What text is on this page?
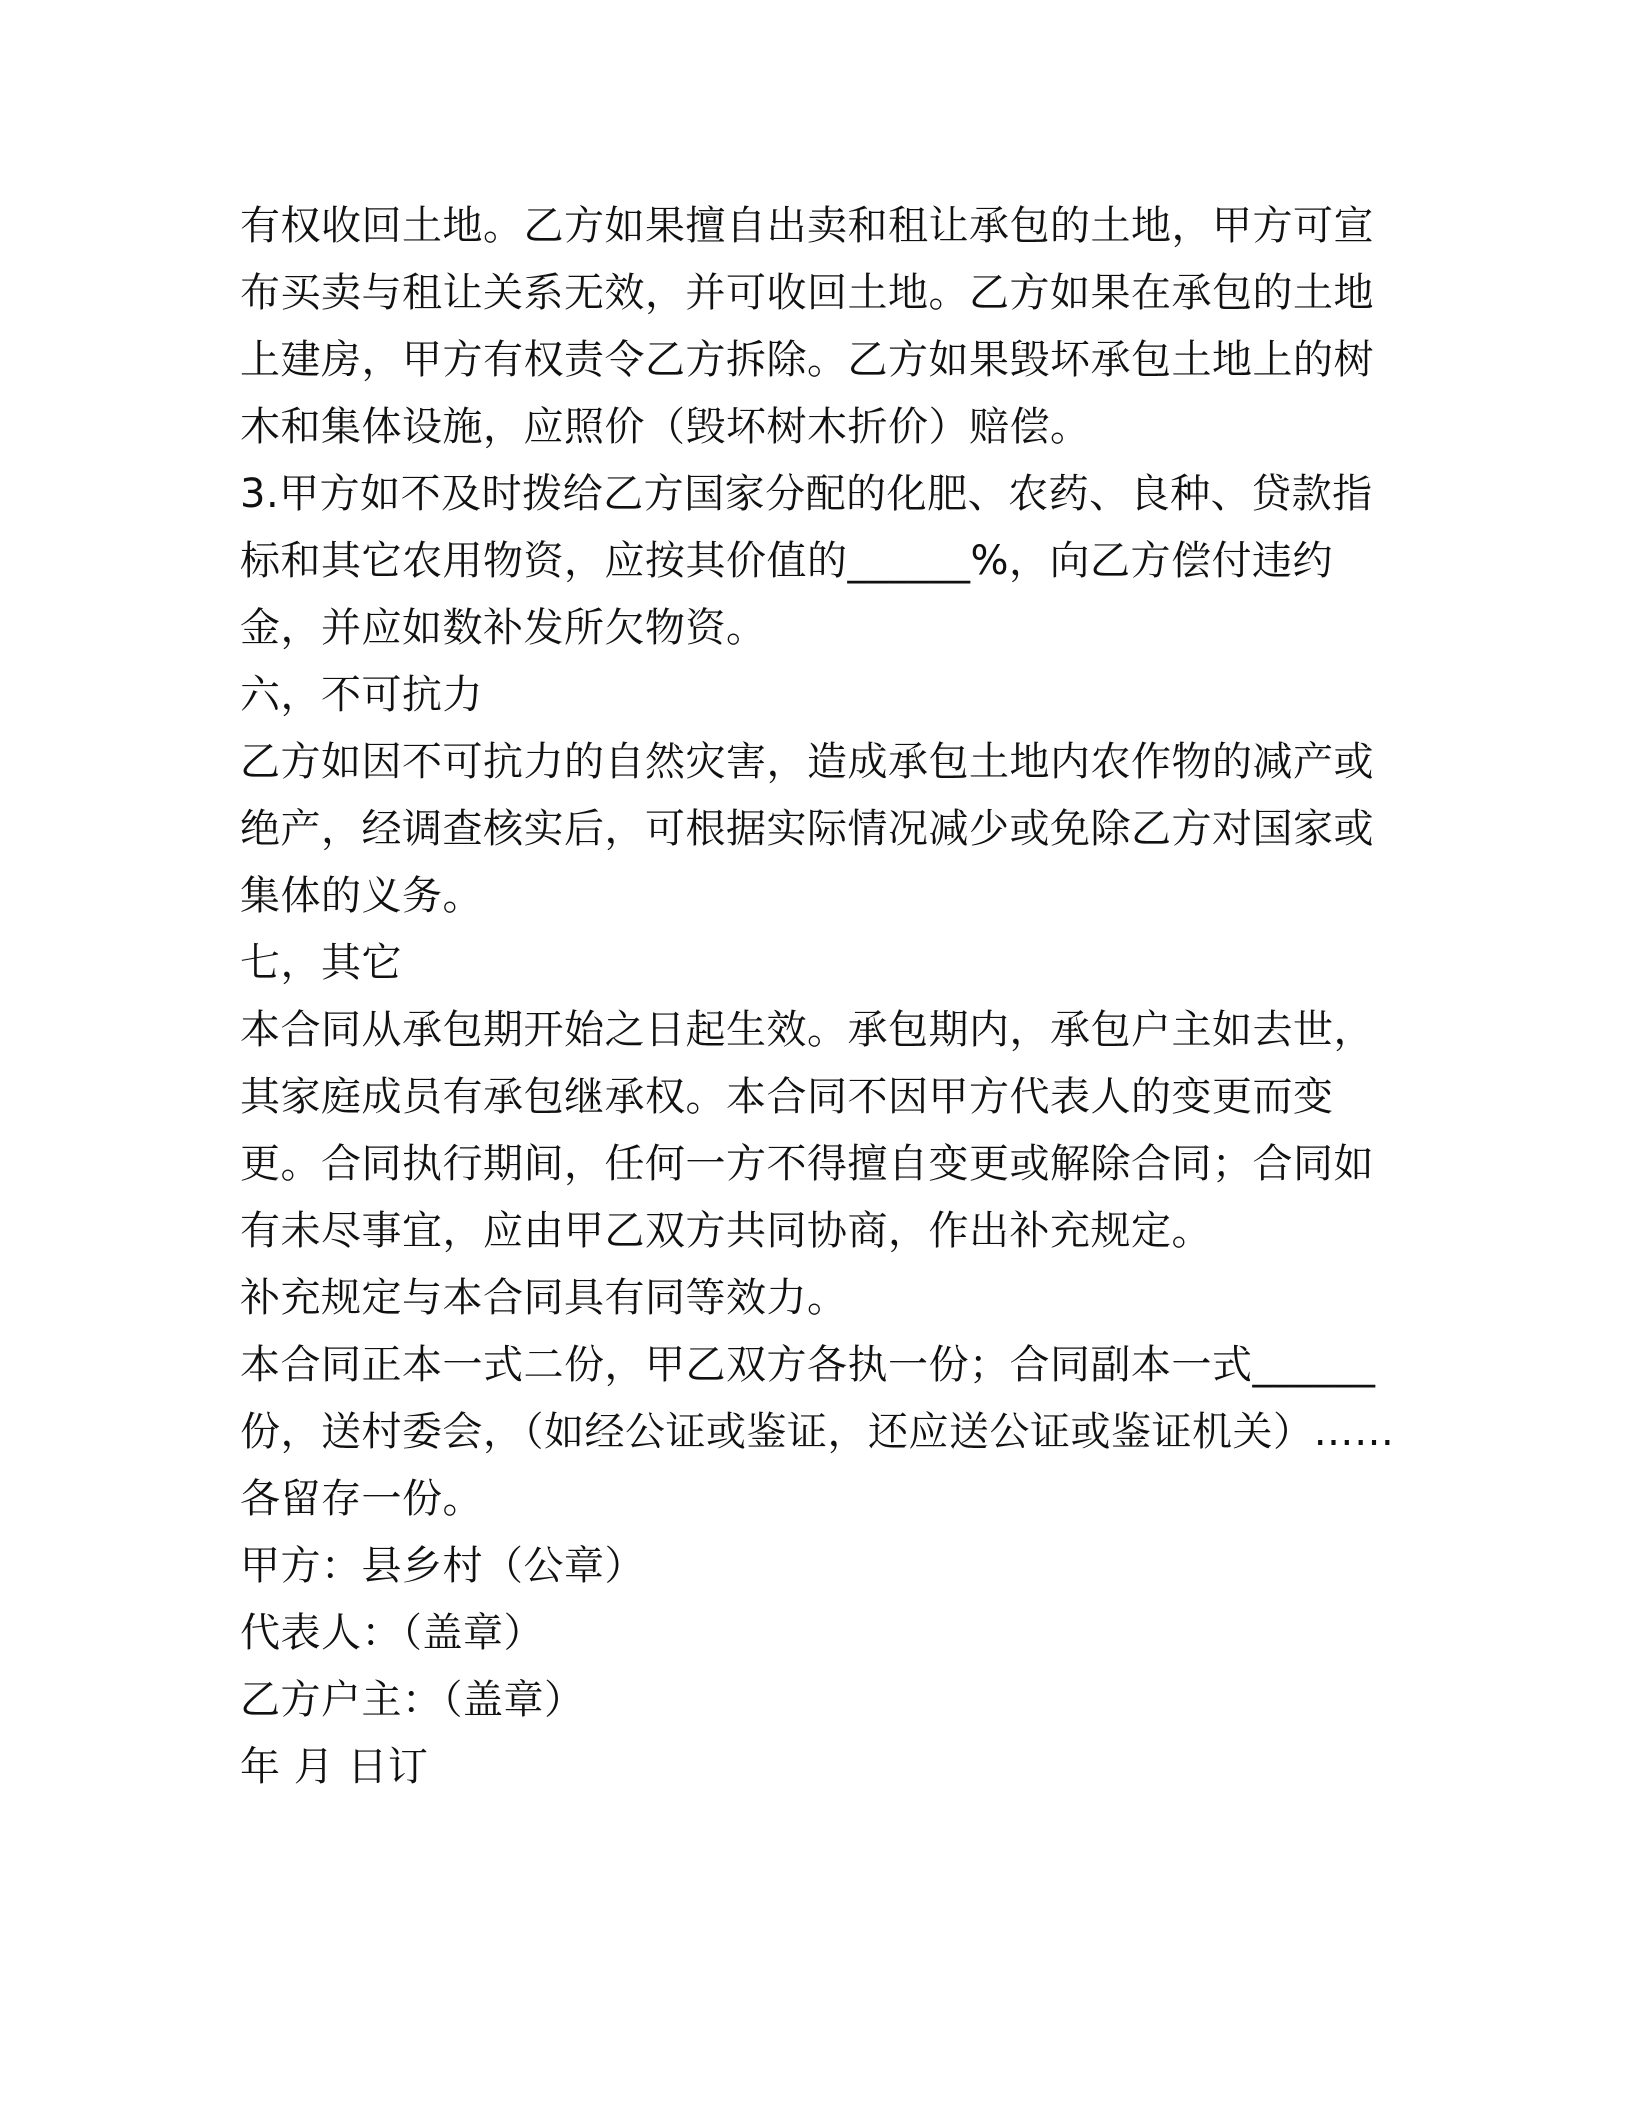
有权收回土地。乙方如果擅自出卖和租让承包的土地，甲方可宣布买卖与租让关系无效，并可收回土地。乙方如果在承包的土地上建房，甲方有权责令乙方拆除。乙方如果毁坏承包土地上的树木和集体设施，应照价（毁坏树木折价）赔偿。

3.甲方如不及时拨给乙方国家分配的化肥、农药、良种、贷款指标和其它农用物资，应按其价值的______%，向乙方偿付违约金，并应如数补发所欠物资。

六，不可抗力

乙方如因不可抗力的自然灾害，造成承包土地内农作物的减产或绝产，经调查核实后，可根据实际情况减少或免除乙方对国家或集体的义务。

七，其它

本合同从承包期开始之日起生效。承包期内，承包户主如去世，其家庭成员有承包继承权。本合同不因甲方代表人的变更而变更。合同执行期间，任何一方不得擅自变更或解除合同；合同如有未尽事宜，应由甲乙双方共同协商，作出补充规定。

补充规定与本合同具有同等效力。

本合同正本一式二份，甲乙双方各执一份；合同副本一式______份，送村委会，（如经公证或鉴证，还应送公证或鉴证机关）……各留存一份。

甲方：县乡村（公章）

代表人：（盖章）

乙方户主：（盖章）

年 月 日订
